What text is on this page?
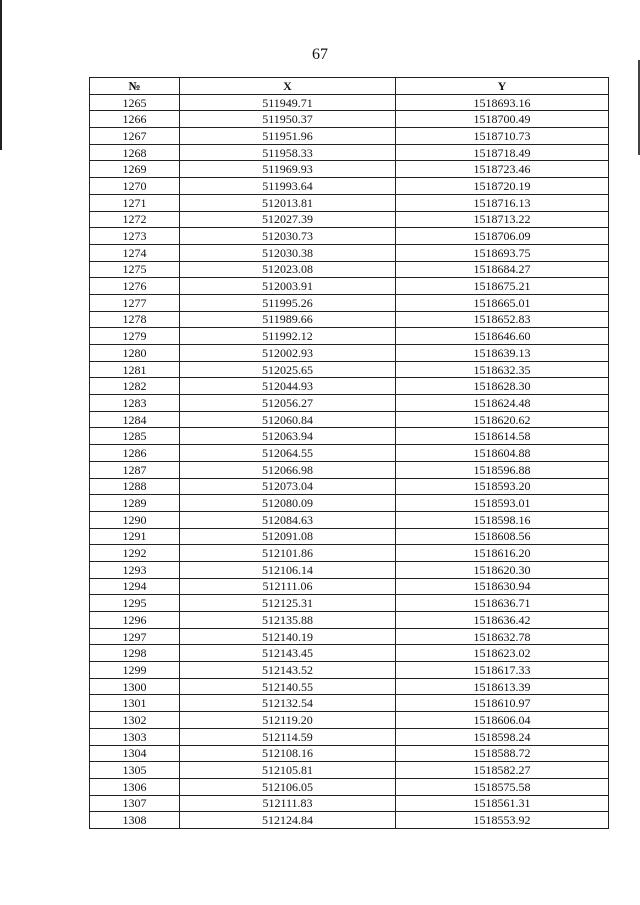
67
№	X	Y
1265	511949.71	1518693.16
1266	511950.37	1518700.49
1267	511951.96	1518710.73
1268	511958.33	1518718.49
1269	511969.93	1518723.46
1270	511993.64	1518720.19
1271	512013.81	1518716.13
1272	512027.39	1518713.22
1273	512030.73	1518706.09
1274	512030.38	1518693.75
1275	512023.08	1518684.27
1276	512003.91	1518675.21
1277	511995.26	1518665.01
1278	511989.66	1518652.83
1279	511992.12	1518646.60
1280	512002.93	1518639.13
1281	512025.65	1518632.35
1282	512044.93	1518628.30
1283	512056.27	1518624.48
1284	512060.84	1518620.62
1285	512063.94	1518614.58
1286	512064.55	1518604.88
1287	512066.98	1518596.88
1288	512073.04	1518593.20
1289	512080.09	1518593.01
1290	512084.63	1518598.16
1291	512091.08	1518608.56
1292	512101.86	1518616.20
1293	512106.14	1518620.30
1294	512111.06	1518630.94
1295	512125.31	1518636.71
1296	512135.88	1518636.42
1297	512140.19	1518632.78
1298	512143.45	1518623.02
1299	512143.52	1518617.33
1300	512140.55	1518613.39
1301	512132.54	1518610.97
1302	512119.20	1518606.04
1303	512114.59	1518598.24
1304	512108.16	1518588.72
1305	512105.81	1518582.27
1306	512106.05	1518575.58
1307	512111.83	1518561.31
1308	512124.84	1518553.92
